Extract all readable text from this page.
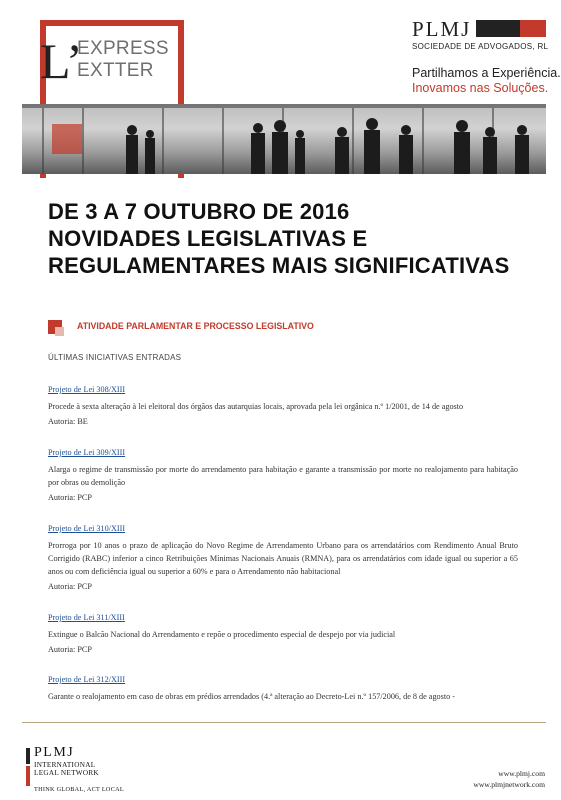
L’
EXPRESS
EXTTER
PLMJ
SOCIEDADE DE ADVOGADOS, RL
Partilhamos a Experiência.
Inovamos nas Soluções.
DE 3 A 7 OUTUBRO DE 2016
NOVIDADES LEGISLATIVAS E
REGULAMENTARES MAIS SIGNIFICATIVAS
ATIVIDADE PARLAMENTAR E PROCESSO LEGISLATIVO
ÚLTIMAS INICIATIVAS ENTRADAS
Projeto de Lei 308/XIII
Procede à sexta alteração à lei eleitoral dos órgãos das autarquias locais, aprovada pela lei orgânica n.º 1/2001, de 14 de agosto
Autoria: BE
Projeto de Lei 309/XIII
Alarga o regime de transmissão por morte do arrendamento para habitação e garante a transmissão por morte no realojamento para habitação por obras ou demolição
Autoria: PCP
Projeto de Lei 310/XIII
Prorroga por 10 anos o prazo de aplicação do Novo Regime de Arrendamento Urbano para os arrendatários com Rendimento Anual Bruto Corrigido (RABC) inferior a cinco Retribuições Mínimas Nacionais Anuais (RMNA), para os arrendatários com idade igual ou superior a 65 anos ou com deficiência igual ou superior a 60% e para o Arrendamento não habitacional
Autoria: PCP
Projeto de Lei 311/XIII
Extingue o Balcão Nacional do Arrendamento e repõe o procedimento especial de despejo por via judicial
Autoria: PCP
Projeto de Lei 312/XIII
Garante o realojamento em caso de obras em prédios arrendados (4.ª alteração ao Decreto-Lei n.º 157/2006, de 8 de agosto -
PLMJ
INTERNATIONAL
LEGAL NETWORK
THINK GLOBAL, ACT LOCAL
www.plmj.com
www.plmjnetwork.com
